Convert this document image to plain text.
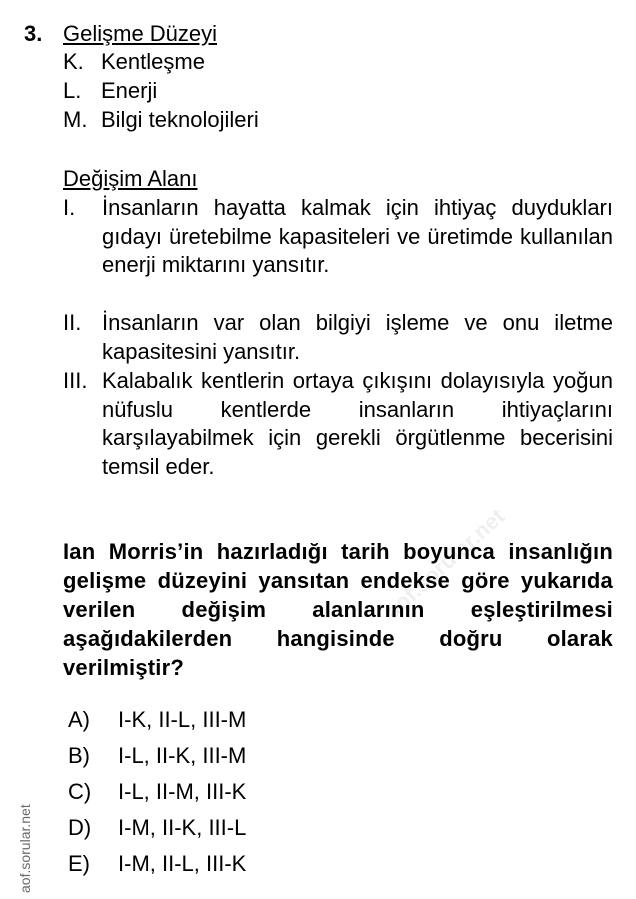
3. Gelişme Düzeyi
K. Kentleşme
L. Enerji
M. Bilgi teknolojileri
Değişim Alanı
I. İnsanların hayatta kalmak için ihtiyaç duydukları gıdayı üretebilme kapasiteleri ve üretimde kullanılan enerji miktarını yansıtır.
II. İnsanların var olan bilgiyi işleme ve onu iletme kapasitesini yansıtır.
III. Kalabalık kentlerin ortaya çıkışını dolayısıyla yoğun nüfuslu kentlerde insanların ihtiyaçlarını karşılayabilmek için gerekli örgütlenme becerisini temsil eder.
Ian Morris’in hazırladığı tarih boyunca insanlığın gelişme düzeyini yansıtan endekse göre yukarıda verilen değişim alanlarının eşleştirilmesi aşağıdakilerden hangisinde doğru olarak verilmiştir?
A) I-K, II-L, III-M
B) I-L, II-K, III-M
C) I-L, II-M, III-K
D) I-M, II-K, III-L
E) I-M, II-L, III-K
aof.sorular.net
aof.sorular.net
